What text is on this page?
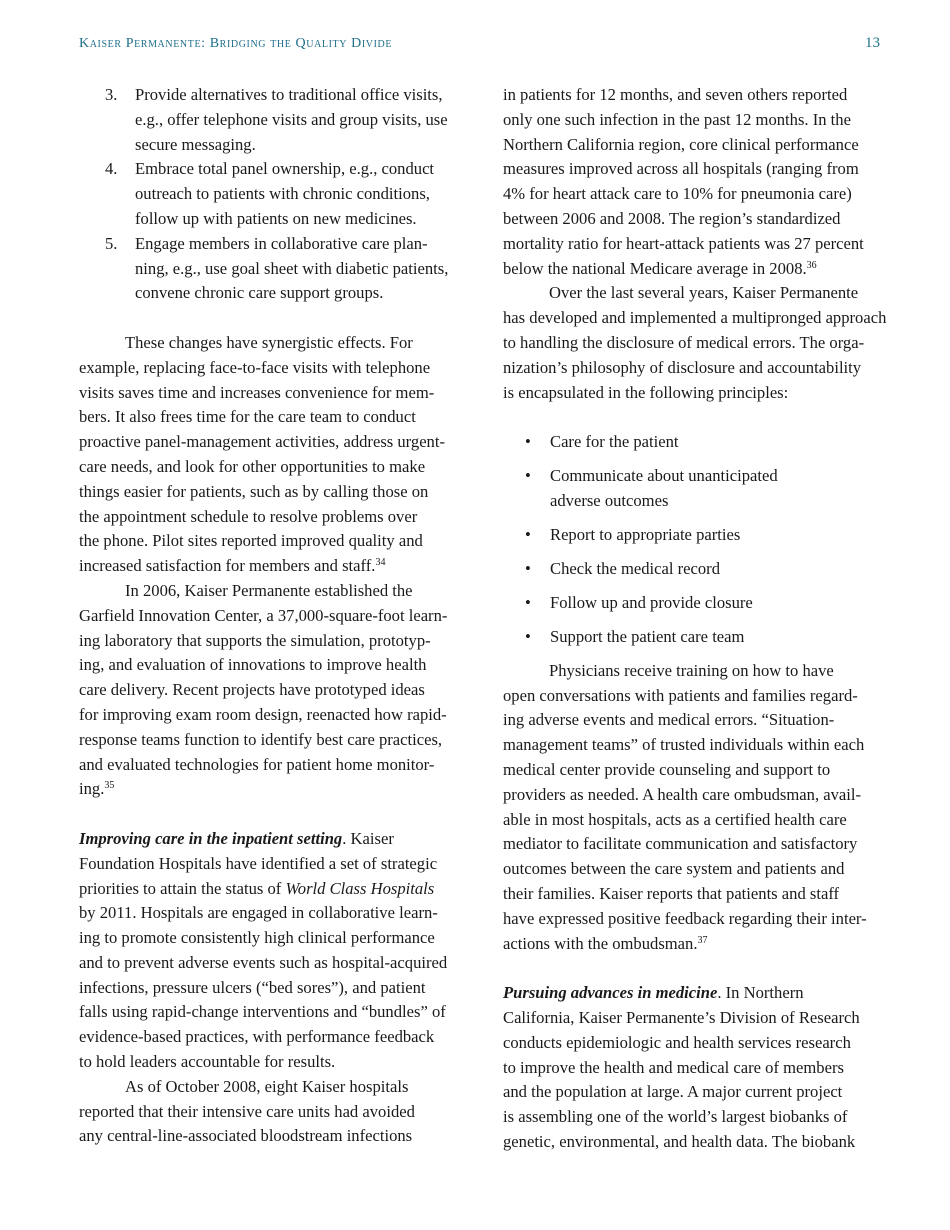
Kaiser Permanente: Bridging the Quality Divide	13
3. Provide alternatives to traditional office visits,
e.g., offer telephone visits and group visits, use
secure messaging.
4. Embrace total panel ownership, e.g., conduct
outreach to patients with chronic conditions,
follow up with patients on new medicines.
5. Engage members in collaborative care plan-
ning, e.g., use goal sheet with diabetic patients,
convene chronic care support groups.
These changes have synergistic effects. For
example, replacing face-to-face visits with telephone
visits saves time and increases convenience for mem-
bers. It also frees time for the care team to conduct
proactive panel-management activities, address urgent-
care needs, and look for other opportunities to make
things easier for patients, such as by calling those on
the appointment schedule to resolve problems over
the phone. Pilot sites reported improved quality and
increased satisfaction for members and staff.$^{34}$
In 2006, Kaiser Permanente established the
Garfield Innovation Center, a 37,000-square-foot learn-
ing laboratory that supports the simulation, prototyp-
ing, and evaluation of innovations to improve health
care delivery. Recent projects have prototyped ideas
for improving exam room design, reenacted how rapid-
response teams function to identify best care practices,
and evaluated technologies for patient home monitor-
ing.$^{35}$
Improving care in the inpatient setting. Kaiser
Foundation Hospitals have identified a set of strategic
priorities to attain the status of World Class Hospitals
by 2011. Hospitals are engaged in collaborative learn-
ing to promote consistently high clinical performance
and to prevent adverse events such as hospital-acquired
infections, pressure ulcers (“bed sores”), and patient
falls using rapid-change interventions and “bundles” of
evidence-based practices, with performance feedback
to hold leaders accountable for results.
As of October 2008, eight Kaiser hospitals
reported that their intensive care units had avoided
any central-line-associated bloodstream infections
in patients for 12 months, and seven others reported
only one such infection in the past 12 months. In the
Northern California region, core clinical performance
measures improved across all hospitals (ranging from
4% for heart attack care to 10% for pneumonia care)
between 2006 and 2008. The region’s standardized
mortality ratio for heart-attack patients was 27 percent
below the national Medicare average in 2008.36
Over the last several years, Kaiser Permanente
has developed and implemented a multipronged approach
to handling the disclosure of medical errors. The orga-
nization’s philosophy of disclosure and accountability
is encapsulated in the following principles:
• Care for the patient
• Communicate about unanticipated
adverse outcomes
• Report to appropriate parties
• Check the medical record
• Follow up and provide closure
• Support the patient care team
Physicians receive training on how to have
open conversations with patients and families regard-
ing adverse events and medical errors. “Situation-
management teams” of trusted individuals within each
medical center provide counseling and support to
providers as needed. A health care ombudsman, avail-
able in most hospitals, acts as a certified health care
mediator to facilitate communication and satisfactory
outcomes between the care system and patients and
their families. Kaiser reports that patients and staff
have expressed positive feedback regarding their inter-
actions with the ombudsman.$^{37}$
Pursuing advances in medicine. In Northern
California, Kaiser Permanente’s Division of Research
conducts epidemiologic and health services research
to improve the health and medical care of members
and the population at large. A major current project
is assembling one of the world’s largest biobanks of
genetic, environmental, and health data. The biobank
